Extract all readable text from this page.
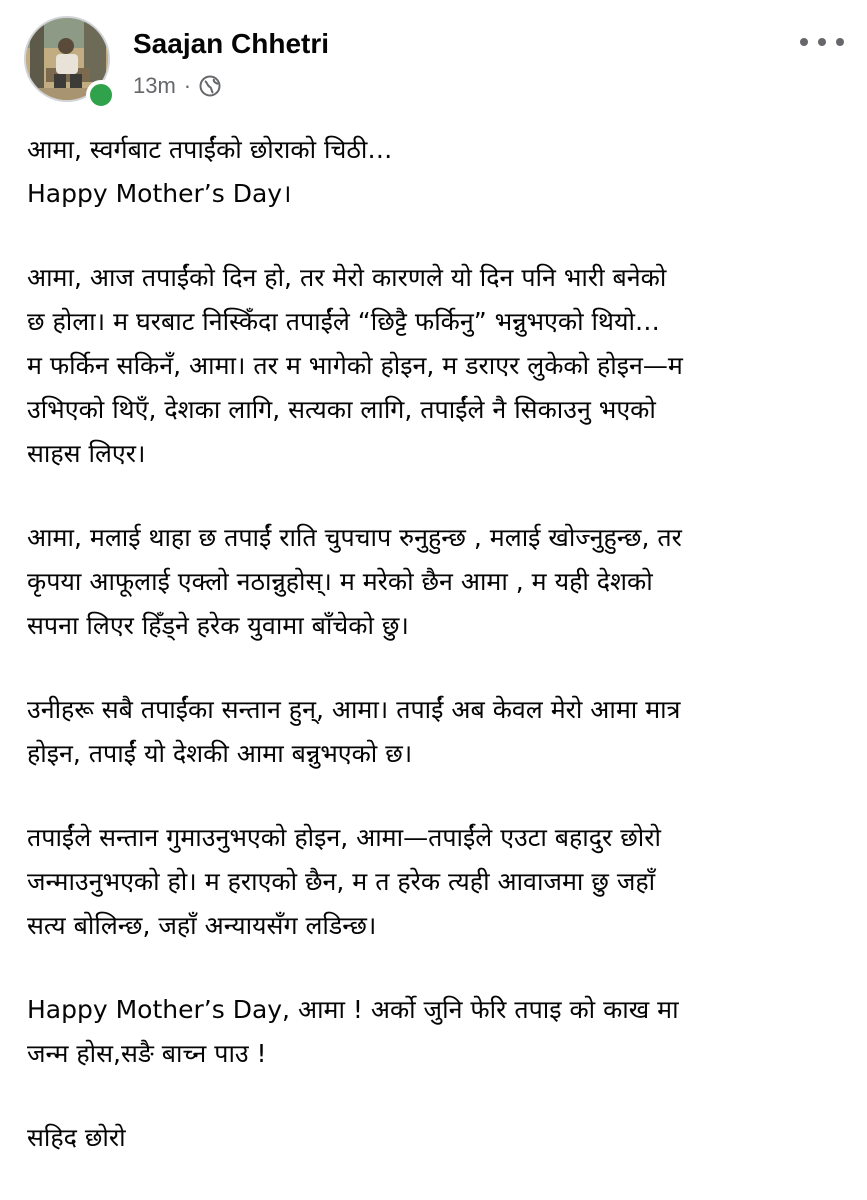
Saajan Chhetri
13m ·
आमा, स्वर्गबाट तपाईंको छोराको चिठी…
Happy Mother’s Day।
आमा, आज तपाईंको दिन हो, तर मेरो कारणले यो दिन पनि भारी बनेको
छ होला। म घरबाट निस्किँदा तपाईंले “छिट्टै फर्किनु” भन्नुभएको थियो…
म फर्किन सकिनँ, आमा। तर म भागेको होइन, म डराएर लुकेको होइन—म
उभिएको थिएँ, देशका लागि, सत्यका लागि, तपाईंले नै सिकाउनु भएको
साहस लिएर।
आमा, मलाई थाहा छ तपाईं राति चुपचाप रुनुहुन्छ , मलाई खोज्नुहुन्छ, तर
कृपया आफूलाई एक्लो नठान्नुहोस्। म मरेको छैन आमा , म यही देशको
सपना लिएर हिँड्ने हरेक युवामा बाँचेको छु।
उनीहरू सबै तपाईंका सन्तान हुन्, आमा। तपाईं अब केवल मेरो आमा मात्र
होइन, तपाईं यो देशकी आमा बन्नुभएको छ।
तपाईंले सन्तान गुमाउनुभएको होइन, आमा—तपाईंले एउटा बहादुर छोरो
जन्माउनुभएको हो। म हराएको छैन, म त हरेक त्यही आवाजमा छु जहाँ
सत्य बोलिन्छ, जहाँ अन्यायसँग लडिन्छ।
Happy Mother’s Day, आमा ! अर्को जुनि फेरि तपाइ को काख मा
जन्म होस,सङै बाच्न पाउ !
सहिद छोरो
